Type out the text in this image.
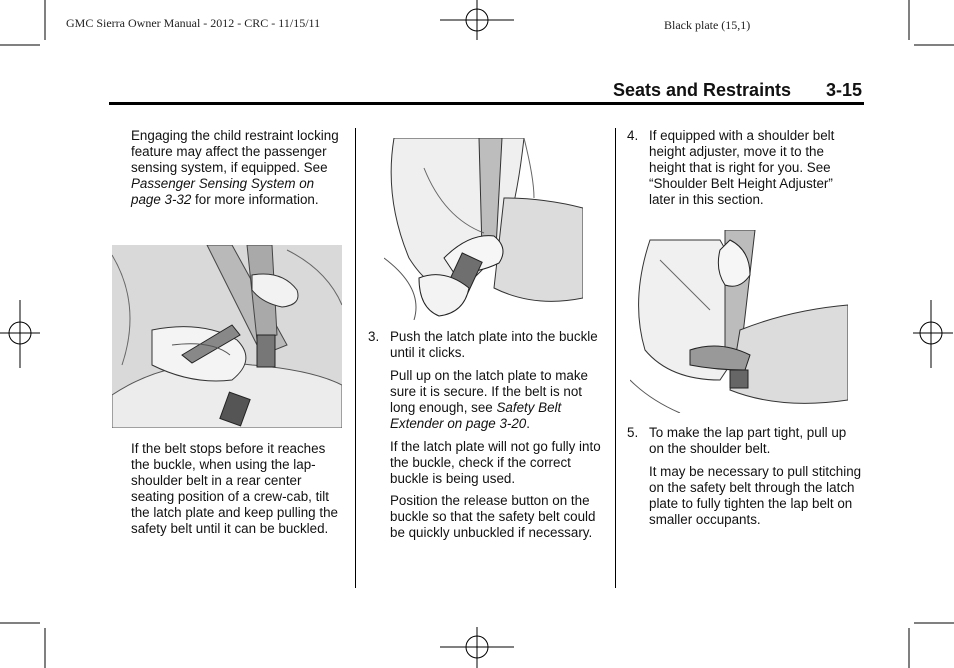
GMC Sierra Owner Manual - 2012 - CRC - 11/15/11	Black plate (15,1)
Seats and Restraints 3-15
Engaging the child restraint locking feature may affect the passenger sensing system, if equipped. See Passenger Sensing System on page 3-32 for more information.
If the belt stops before it reaches the buckle, when using the lap-shoulder belt in a rear center seating position of a crew-cab, tilt the latch plate and keep pulling the safety belt until it can be buckled.
3. Push the latch plate into the buckle until it clicks.
Pull up on the latch plate to make sure it is secure. If the belt is not long enough, see Safety Belt Extender on page 3-20.
If the latch plate will not go fully into the buckle, check if the correct buckle is being used.
Position the release button on the buckle so that the safety belt could be quickly unbuckled if necessary.
4. If equipped with a shoulder belt height adjuster, move it to the height that is right for you. See “Shoulder Belt Height Adjuster” later in this section.
5. To make the lap part tight, pull up on the shoulder belt.
It may be necessary to pull stitching on the safety belt through the latch plate to fully tighten the lap belt on smaller occupants.
